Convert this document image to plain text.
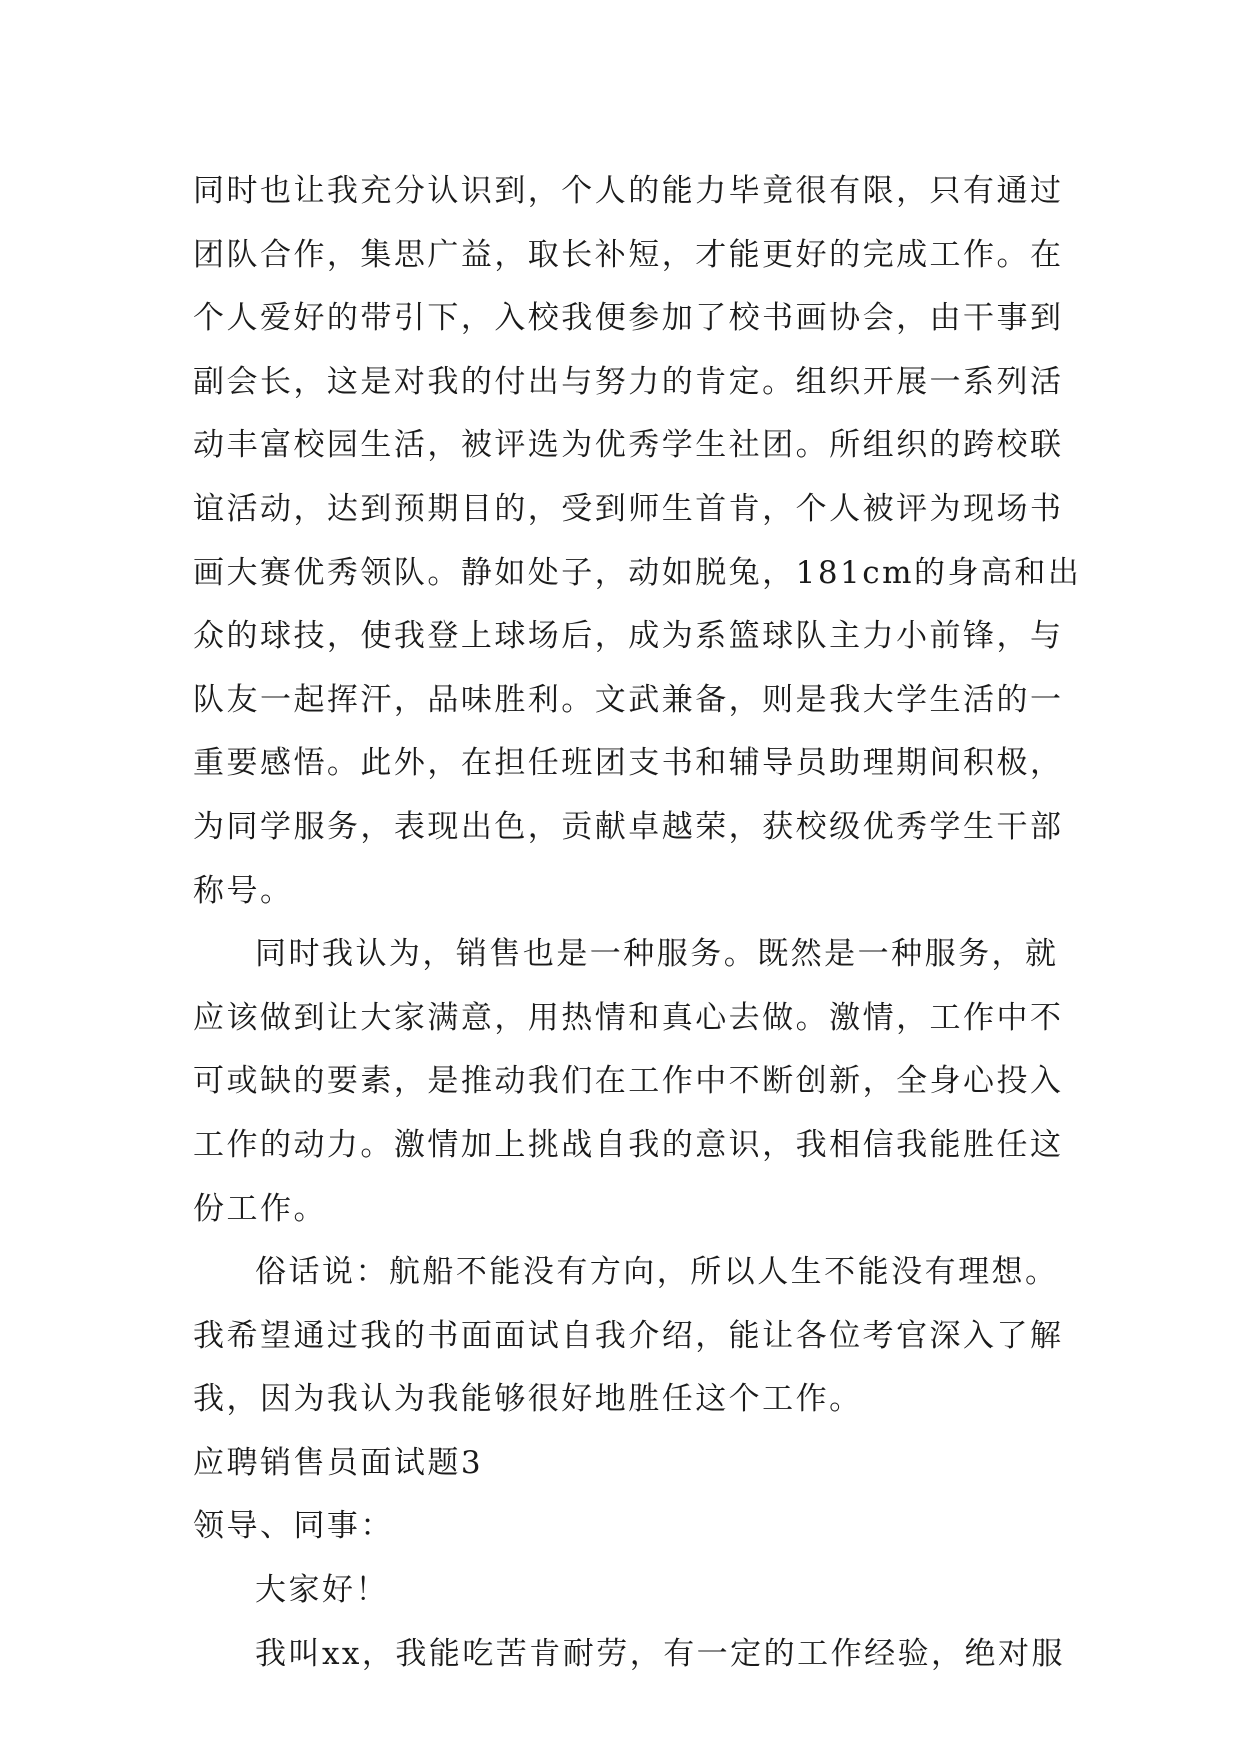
同时也让我充分认识到，个人的能力毕竟很有限，只有通过
团队合作，集思广益，取长补短，才能更好的完成工作。在
个人爱好的带引下，入校我便参加了校书画协会，由干事到
副会长，这是对我的付出与努力的肯定。组织开展一系列活
动丰富校园生活，被评选为优秀学生社团。所组织的跨校联
谊活动，达到预期目的，受到师生首肯，个人被评为现场书
画大赛优秀领队。静如处子，动如脱兔，181cm的身高和出
众的球技，使我登上球场后，成为系篮球队主力小前锋，与
队友一起挥汗，品味胜利。文武兼备，则是我大学生活的一
重要感悟。此外，在担任班团支书和辅导员助理期间积极，
为同学服务，表现出色，贡献卓越荣，获校级优秀学生干部
称号。
同时我认为，销售也是一种服务。既然是一种服务，就
应该做到让大家满意，用热情和真心去做。激情，工作中不
可或缺的要素，是推动我们在工作中不断创新，全身心投入
工作的动力。激情加上挑战自我的意识，我相信我能胜任这
份工作。
俗话说：航船不能没有方向，所以人生不能没有理想。
我希望通过我的书面面试自我介绍，能让各位考官深入了解
我，因为我认为我能够很好地胜任这个工作。
应聘销售员面试题3
领导、同事：
大家好！
我叫xx，我能吃苦肯耐劳，有一定的工作经验，绝对服
